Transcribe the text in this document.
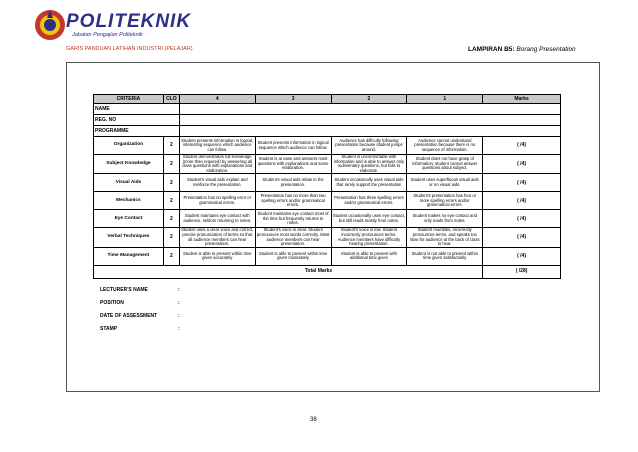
POLITEKNIK
Jabatan Pengajian Politeknik
GARIS PANDUAN LATIHAN INDUSTRI (PELAJAR)	LAMPIRAN B5: Borang Presentation
NAME						
REG. NO						
PROGRAMME						
CRITERIA	CLO	4	3	2	1	Marks
Organization	2	Student presents information in logical, interesting sequence which audience can follow.	Student presents information in logical sequence which audience can follow.	Audience has difficulty following presentation because student jumps around.	Audience cannot understand presentation because there is no sequence of information.	( /4)
Subject Knowledge	2	Student demonstrates full knowledge (more than required) by answering all class questions with explanations and elaboration.	Student is at ease and answers most questions with explanations and some elaboration.	Student is uncomfortable with information and is able to answer only rudimentary questions, but fails to elaborate.	Student does not have grasp of information; student cannot answer questions about subject.	( /4)
Visual Aids	2	Student's visual aids explain and reinforce the presentation.	Student's visual aids relate to the presentation.	Student occasionally uses visual aids that rarely support the presentation	Student uses superfluous visual aids or no visual aids.	( /4)
Mechanics	2	Presentation has no spelling error or grammatical errors.	Presentation has no more than two spelling errors and/or grammatical errors.	Presentation has three spelling errors and/or grammatical errors.	Student's presentation has four or more spelling errors and/or grammatical errors.	( /4)
Eye Contact	2	Student maintains eye contact with audience, seldom returning to notes.	Student maintains eye contact most of the time but frequently returns to notes.	Student occasionally uses eye contact, but still reads mostly from notes.	Student makes no eye contact and only reads from notes.	( /4)
Verbal Techniques	2	Student uses a clear voice and correct, precise pronunciation of terms so that all audience members can hear presentation.	Student's voice is clear. Student pronounces most words correctly. Most audience members can hear presentation.	Student's voice is low. Student incorrectly pronounces terms. Audience members have difficulty hearing presentation.	Student mumbles, incorrectly pronounces terms, and speaks too slow for audience at the back of class to hear.	( /4)
Time Management	2	Student is able to present within time given accurately	Student is able to present within time given moderately	Student is able to present with additional time given	Student is not able to present within time given satisfactorily	( /4)
Total Marks						( /28)
LECTURER'S NAME	:
POSITION	:
DATE OF ASSESSMENT	:
STAMP	:
38
